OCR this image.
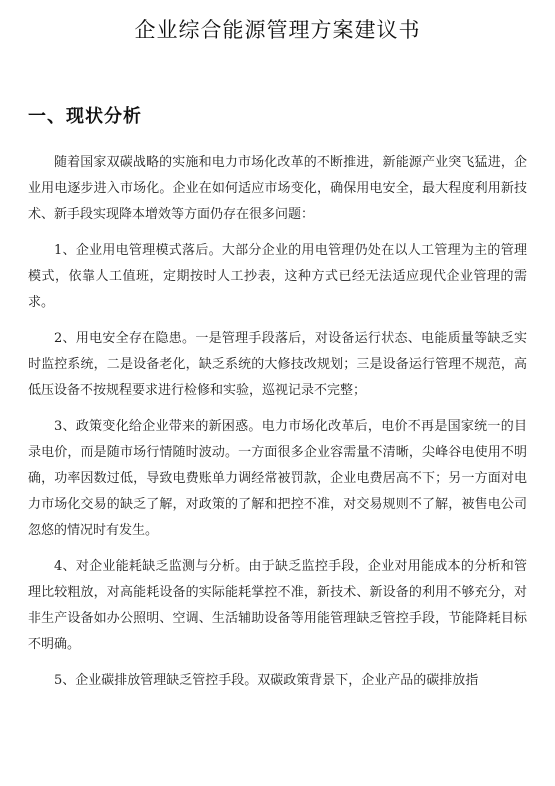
企业综合能源管理方案建议书
一、现状分析

随着国家双碳战略的实施和电力市场化改革的不断推进，新能源产业突飞猛进，企业用电逐步进入市场化。企业在如何适应市场变化，确保用电安全，最大程度利用新技术、新手段实现降本增效等方面仍存在很多问题：

1、企业用电管理模式落后。大部分企业的用电管理仍处在以人工管理为主的管理模式，依靠人工值班，定期按时人工抄表，这种方式已经无法适应现代企业管理的需求。

2、用电安全存在隐患。一是管理手段落后，对设备运行状态、电能质量等缺乏实时监控系统，二是设备老化，缺乏系统的大修技改规划；三是设备运行管理不规范，高低压设备不按规程要求进行检修和实验，巡视记录不完整；

3、政策变化给企业带来的新困惑。电力市场化改革后，电价不再是国家统一的目录电价，而是随市场行情随时波动。一方面很多企业容需量不清晰，尖峰谷电使用不明确，功率因数过低，导致电费账单力调经常被罚款，企业电费居高不下；另一方面对电力市场化交易的缺乏了解，对政策的了解和把控不准，对交易规则不了解，被售电公司忽悠的情况时有发生。

4、对企业能耗缺乏监测与分析。由于缺乏监控手段，企业对用能成本的分析和管理比较粗放，对高能耗设备的实际能耗掌控不准，新技术、新设备的利用不够充分，对非生产设备如办公照明、空调、生活辅助设备等用能管理缺乏管控手段，节能降耗目标不明确。

5、企业碳排放管理缺乏管控手段。双碳政策背景下，企业产品的碳排放指
